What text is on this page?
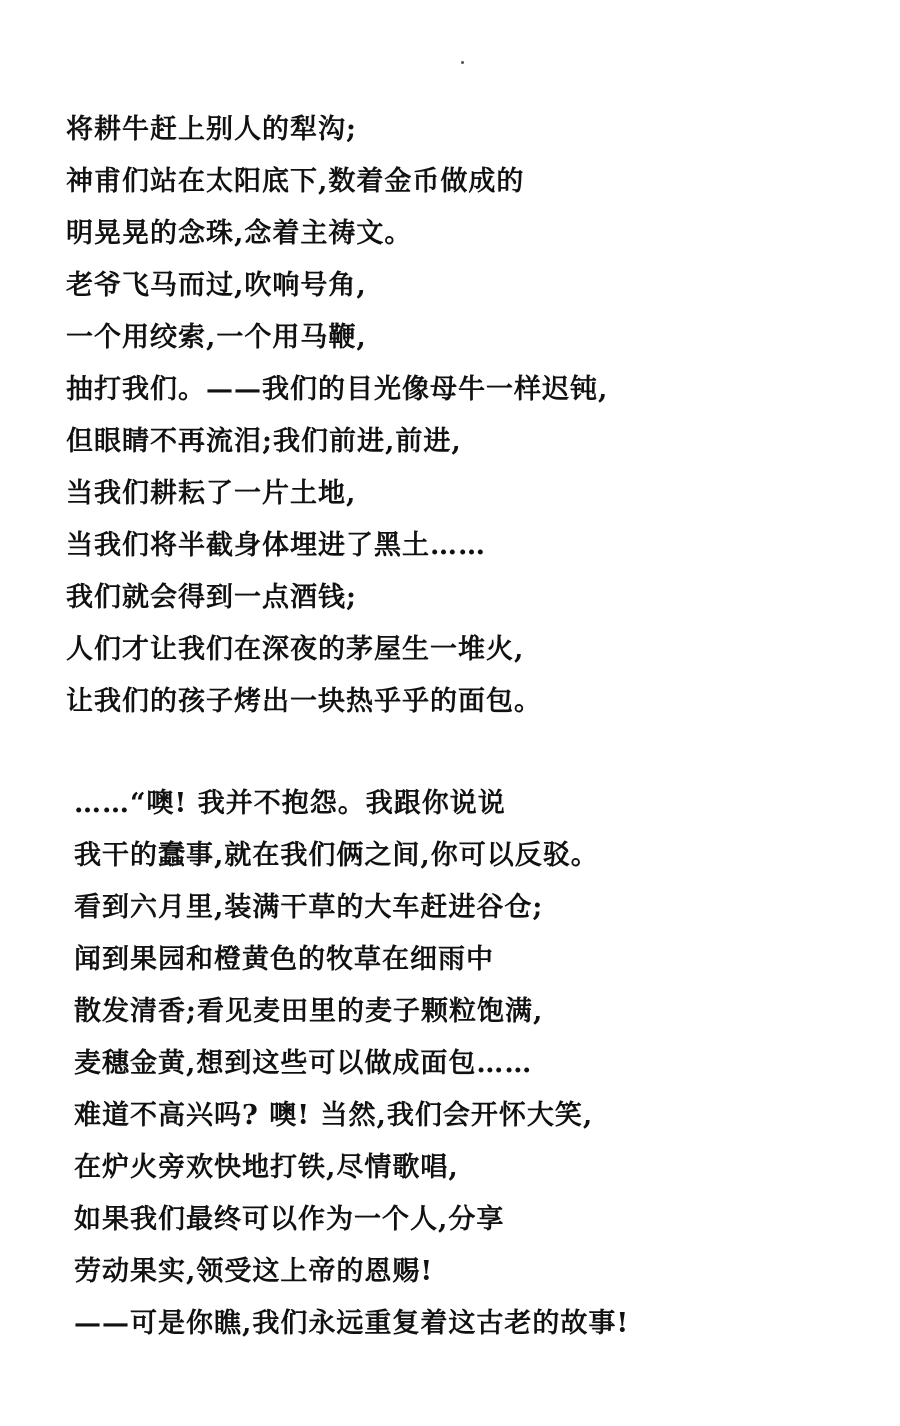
将耕牛赶上别人的犁沟;
神甫们站在太阳底下,数着金币做成的
明晃晃的念珠,念着主祷文。
老爷飞马而过,吹响号角,
一个用绞索,一个用马鞭,
抽打我们。——我们的目光像母牛一样迟钝,
但眼睛不再流泪;我们前进,前进,
当我们耕耘了一片土地,
当我们将半截身体埋进了黑土……
我们就会得到一点酒钱;
人们才让我们在深夜的茅屋生一堆火,
让我们的孩子烤出一块热乎乎的面包。
……“噢! 我并不抱怨。我跟你说说
我干的蠢事,就在我们俩之间,你可以反驳。
看到六月里,装满干草的大车赶进谷仓;
闻到果园和橙黄色的牧草在细雨中
散发清香;看见麦田里的麦子颗粒饱满,
麦穗金黄,想到这些可以做成面包……
难道不高兴吗? 噢! 当然,我们会开怀大笑,
在炉火旁欢快地打铁,尽情歌唱,
如果我们最终可以作为一个人,分享
劳动果实,领受这上帝的恩赐!
——可是你瞧,我们永远重复着这古老的故事!
